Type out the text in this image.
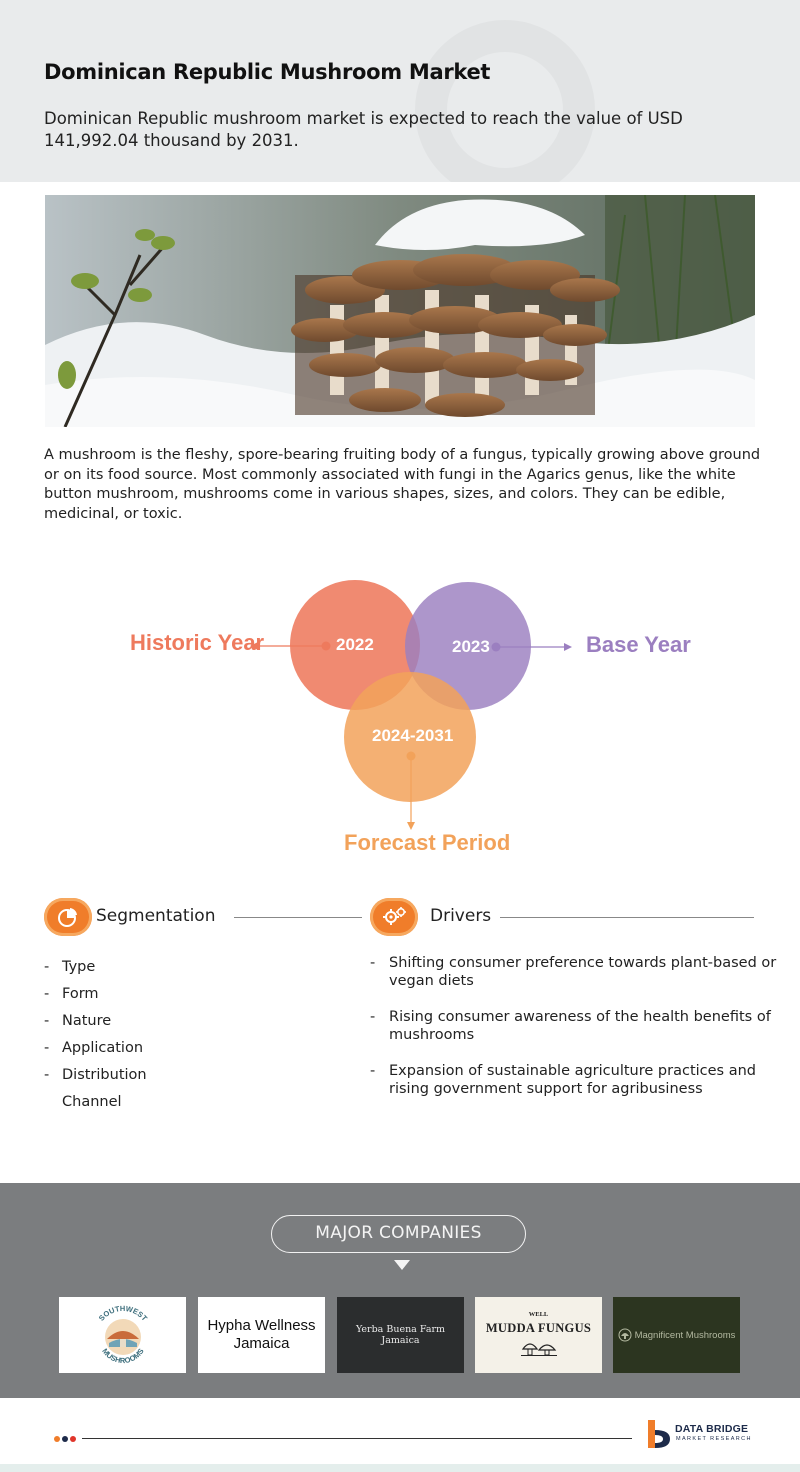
Dominican Republic Mushroom Market

Dominican Republic mushroom market is expected to reach the value of USD 141,992.04 thousand by 2031.

A mushroom is the fleshy, spore-bearing fruiting body of a fungus, typically growing above ground or on its food source. Most commonly associated with fungi in the Agarics genus, like the white button mushroom, mushrooms come in various shapes, sizes, and colors. They can be edible, medicinal, or toxic.

2022	2023
2024-2031
Historic Year	Base Year
Forecast Period
Segmentation	Drivers
- Type
- Form
- Nature
- Application
- Distribution
Channel
- Shifting consumer preference towards plant-based or vegan diets
- Rising consumer awareness of the health benefits of mushrooms
- Expansion of sustainable agriculture practices and rising government support for agribusiness
MAJOR COMPANIES
SOUTHWEST
MUSHROOMS
Hypha Wellness Jamaica
Yerba Buena Farm Jamaica
WELL
MUDDA FUNGUS	Magnificent Mushrooms
DATA BRIDGE
MARKET RESEARCH
